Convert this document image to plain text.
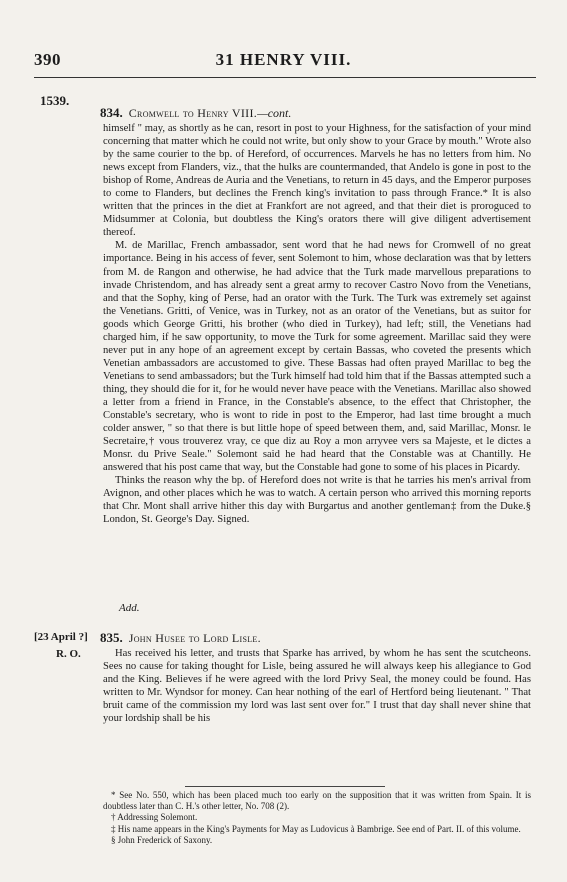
390	31 HENRY VIII.
1539.
834. Cromwell to Henry VIII.—cont.

himself " may, as shortly as he can, resort in post to your Highness, for the satisfaction of your mind concerning that matter which he could not write, but only show to your Grace by mouth." Wrote also by the same courier to the bp. of Hereford, of occurrences. Marvels he has no letters from him. No news except from Flanders, viz., that the hulks are countermanded, that Andelo is gone in post to the bishop of Rome, Andreas de Auria and the Venetians, to return in 45 days, and the Emperor purposes to come to Flanders, but declines the French king's invitation to pass through France.* It is also written that the princes in the diet at Frankfort are not agreed, and that their diet is proroguced to Midsummer at Colonia, but doubtless the King's orators there will give diligent advertisement thereof.

M. de Marillac, French ambassador, sent word that he had news for Cromwell of no great importance. Being in his access of fever, sent Solemont to him, whose declaration was that by letters from M. de Rangon and otherwise, he had advice that the Turk made marvellous preparations to invade Christendom, and has already sent a great army to recover Castro Novo from the Venetians, and that the Sophy, king of Perse, had an orator with the Turk. The Turk was extremely set against the Venetians. Gritti, of Venice, was in Turkey, not as an orator of the Venetians, but as suitor for goods which George Gritti, his brother (who died in Turkey), had left; still, the Venetians had charged him, if he saw opportunity, to move the Turk for some agreement. Marillac said they were never put in any hope of an agreement except by certain Bassas, who coveted the presents which Venetian ambassadors are accustomed to give. These Bassas had often prayed Marillac to beg the Venetians to send ambassadors; but the Turk himself had told him that if the Bassas attempted such a thing, they should die for it, for he would never have peace with the Venetians. Marillac also showed a letter from a friend in France, in the Constable's absence, to the effect that Christopher, the Constable's secretary, who is wont to ride in post to the Emperor, had last time brought a much colder answer, " so that there is but little hope of speed between them, and, said Marillac, Monsr. le Secretaire,† vous trouverez vray, ce que diz au Roy a mon arryvee vers sa Majeste, et le dictes a Monsr. du Prive Seale." Solemont said he had heard that the Constable was at Chantilly. He answered that his post came that way, but the Constable had gone to some of his places in Picardy.

Thinks the reason why the bp. of Hereford does not write is that he tarries his men's arrival from Avignon, and other places which he was to watch. A certain person who arrived this morning reports that Chr. Mont shall arrive hither this day with Burgartus and another gentleman‡ from the Duke.§ London, St. George's Day. Signed.

Add.
[23 April ?]
R. O.
835. John Husee to Lord Lisle.

Has received his letter, and trusts that Sparke has arrived, by whom he has sent the scutcheons. Sees no cause for taking thought for Lisle, being assured he will always keep his allegiance to God and the King. Believes if he were agreed with the lord Privy Seal, the money could be found. Has written to Mr. Wyndsor for money. Can hear nothing of the earl of Hertford being lieutenant. " That bruit came of the commission my lord was last sent over for." I trust that day shall never shine that your lordship shall be his

* See No. 550, which has been placed much too early on the supposition that it was written from Spain. It is doubtless later than C. H.'s other letter, No. 708 (2).

† Addressing Solemont.

‡ His name appears in the King's Payments for May as Ludovicus à Bambrige. See end of Part. II. of this volume.

§ John Frederick of Saxony.
